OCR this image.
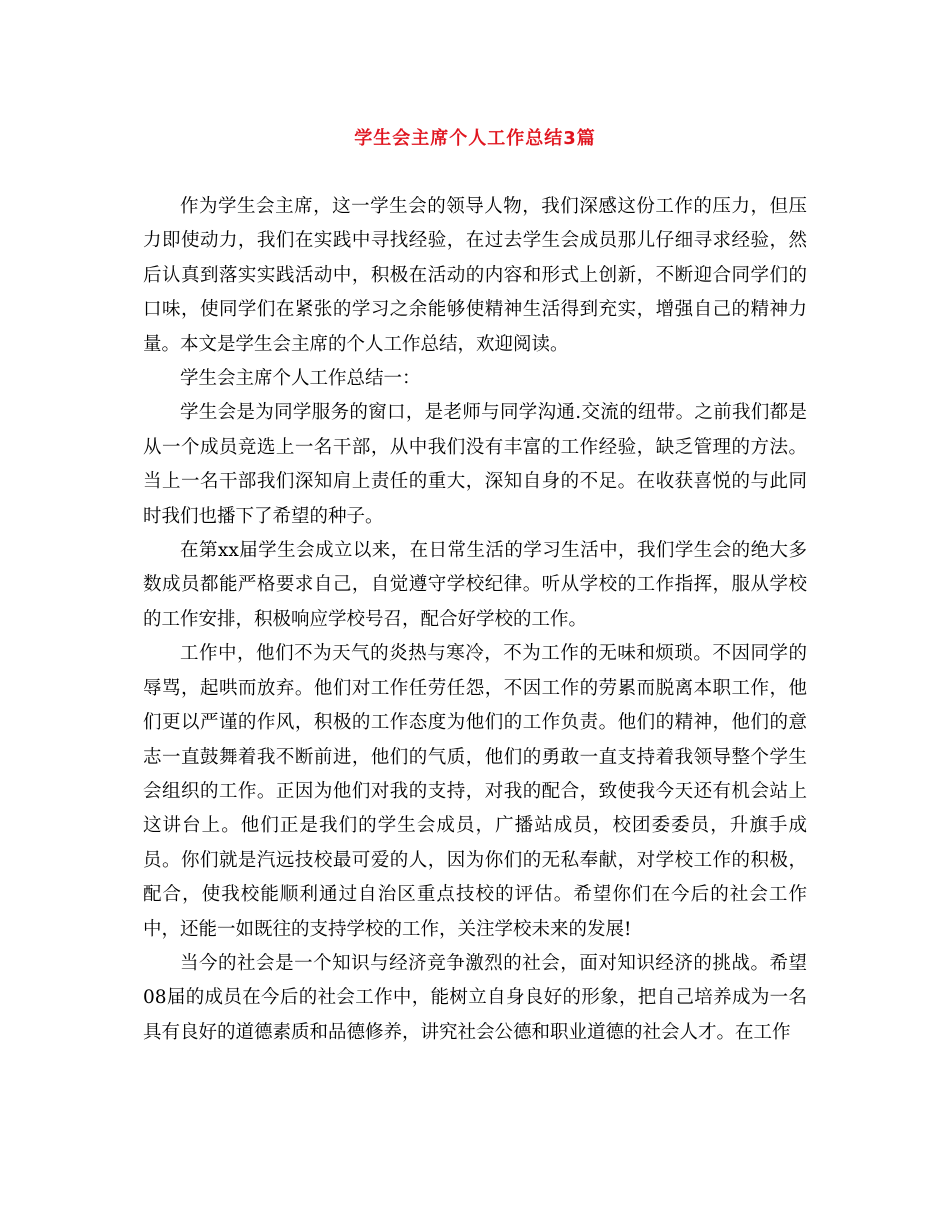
学生会主席个人工作总结3篇

作为学生会主席，这一学生会的领导人物，我们深感这份工作的压力，但压力即使动力，我们在实践中寻找经验，在过去学生会成员那儿仔细寻求经验，然后认真到落实实践活动中，积极在活动的内容和形式上创新，不断迎合同学们的口味，使同学们在紧张的学习之余能够使精神生活得到充实，增强自己的精神力量。本文是学生会主席的个人工作总结，欢迎阅读。

学生会主席个人工作总结一：

学生会是为同学服务的窗口，是老师与同学沟通.交流的纽带。之前我们都是从一个成员竞选上一名干部，从中我们没有丰富的工作经验，缺乏管理的方法。当上一名干部我们深知肩上责任的重大，深知自身的不足。在收获喜悦的与此同时我们也播下了希望的种子。

在第xx届学生会成立以来，在日常生活的学习生活中，我们学生会的绝大多数成员都能严格要求自己，自觉遵守学校纪律。听从学校的工作指挥，服从学校的工作安排，积极响应学校号召，配合好学校的工作。

工作中，他们不为天气的炎热与寒冷，不为工作的无味和烦琐。不因同学的辱骂，起哄而放弃。他们对工作任劳任怨，不因工作的劳累而脱离本职工作，他们更以严谨的作风，积极的工作态度为他们的工作负责。他们的精神，他们的意志一直鼓舞着我不断前进，他们的气质，他们的勇敢一直支持着我领导整个学生会组织的工作。正因为他们对我的支持，对我的配合，致使我今天还有机会站上这讲台上。他们正是我们的学生会成员，广播站成员，校团委委员，升旗手成员。你们就是汽远技校最可爱的人，因为你们的无私奉献，对学校工作的积极，配合，使我校能顺利通过自治区重点技校的评估。希望你们在今后的社会工作中，还能一如既往的支持学校的工作，关注学校未来的发展!

当今的社会是一个知识与经济竞争激烈的社会，面对知识经济的挑战。希望08届的成员在今后的社会工作中，能树立自身良好的形象，把自己培养成为一名具有良好的道德素质和品德修养，讲究社会公德和职业道德的社会人才。在工作
